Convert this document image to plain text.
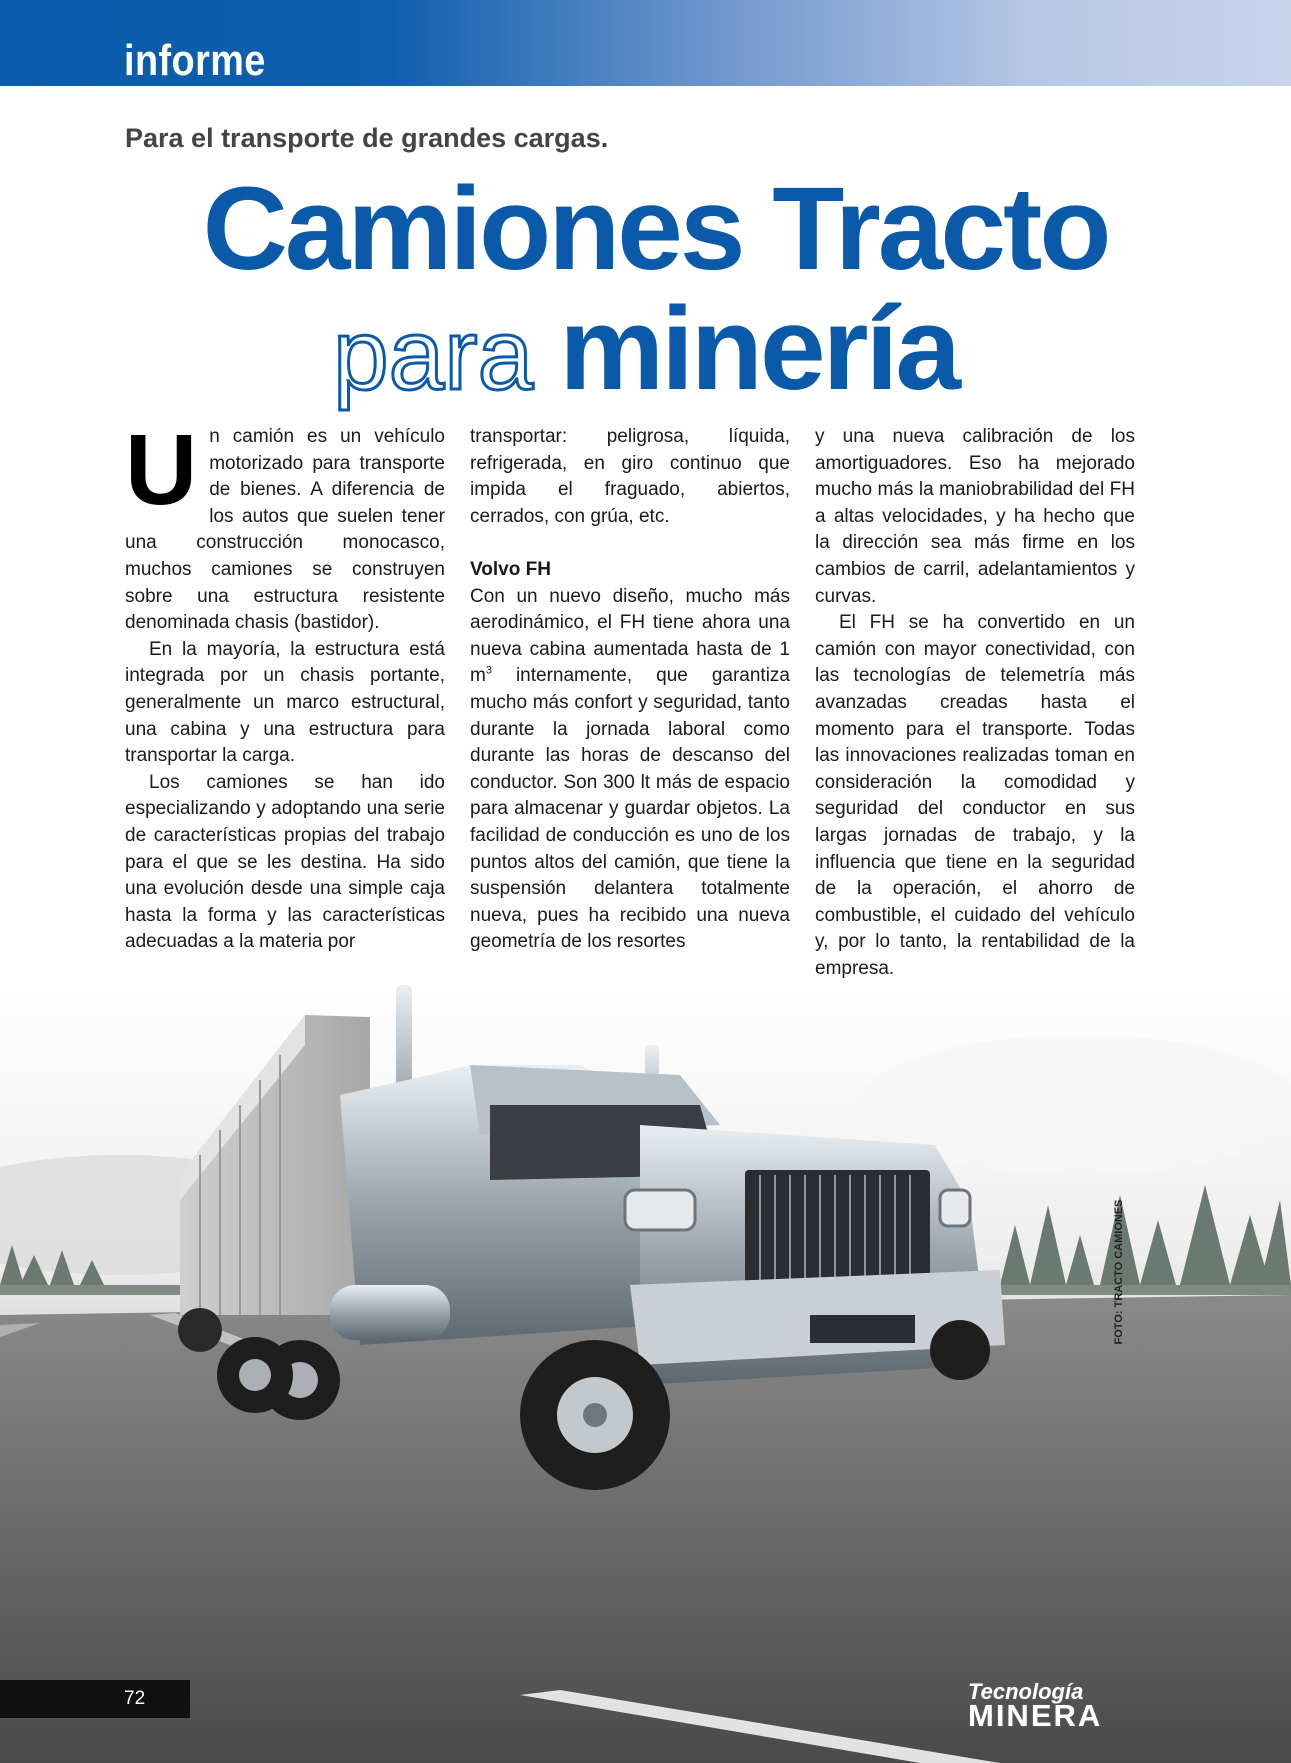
informe
Para el transporte de grandes cargas.
Camiones Tracto
para minería

Un camión es un vehículo motorizado para transporte de bienes. A diferencia de los autos que suelen tener una construcción monocasco, muchos camiones se construyen sobre una estructura resistente denominada chasis (bastidor).

En la mayoría, la estructura está integrada por un chasis portante, generalmente un marco estructural, una cabina y una estructura para transportar la carga.

Los camiones se han ido especializando y adoptando una serie de características propias del trabajo para el que se les destina. Ha sido una evolución desde una simple caja hasta la forma y las características adecuadas a la materia por

transportar: peligrosa, líquida, refrigerada, en giro continuo que impida el fraguado, abiertos, cerrados, con grúa, etc.

Volvo FH

Con un nuevo diseño, mucho más aerodinámico, el FH tiene ahora una nueva cabina aumentada hasta de 1 $m^3$ internamente, que garantiza mucho más confort y seguridad, tanto durante la jornada laboral como durante las horas de descanso del conductor. Son 300 lt más de espacio para almacenar y guardar objetos. La facilidad de conducción es uno de los puntos altos del camión, que tiene la suspensión delantera totalmente nueva, pues ha recibido una nueva geometría de los resortes

y una nueva calibración de los amortiguadores. Eso ha mejorado mucho más la maniobrabilidad del FH a altas velocidades, y ha hecho que la dirección sea más firme en los cambios de carril, adelantamientos y curvas.

El FH se ha convertido en un camión con mayor conectividad, con las tecnologías de telemetría más avanzadas creadas hasta el momento para el transporte. Todas las innovaciones realizadas toman en consideración la comodidad y seguridad del conductor en sus largas jornadas de trabajo, y la influencia que tiene en la seguridad de la operación, el ahorro de combustible, el cuidado del vehículo y, por lo tanto, la rentabilidad de la empresa.

FOTO: TRACTO CAMIONES
72	Tecnología
MINERA
